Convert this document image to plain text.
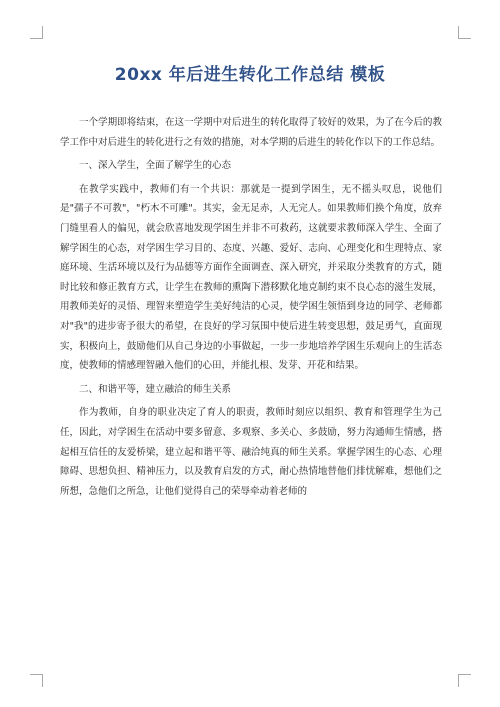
20xx 年后进生转化工作总结 模板

一个学期即将结束，在这一学期中对后进生的转化取得了较好的效果，为了在今后的教学工作中对后进生的转化进行之有效的措施，对本学期的后进生的转化作以下的工作总结。

一、深入学生，全面了解学生的心态

在教学实践中，教师们有一个共识：那就是一提到学困生，无不摇头叹息，说他们是"孺子不可教"，"朽木不可雕"。其实，金无足赤，人无完人。如果教师们换个角度，放弃门缝里看人的偏见，就会欣喜地发现学困生并非不可救药，这就要求教师深入学生、全面了解学困生的心态，对学困生学习目的、态度、兴趣、爱好、志向、心理变化和生理特点、家庭环境、生活环境以及行为品德等方面作全面调查、深入研究，并采取分类教育的方式，随时比较和修正教育方式，让学生在教师的熏陶下潜移默化地克制约束不良心态的滋生发展，用教师美好的灵悟、理智来塑造学生美好纯洁的心灵，使学困生领悟到身边的同学、老师都对"我"的进步寄予很大的希望，在良好的学习氛围中使后进生转变思想，鼓足勇气，直面现实，积极向上，鼓励他们从自己身边的小事做起，一步一步地培养学困生乐观向上的生活态度，使教师的情感理智融入他们的心田，并能扎根、发芽、开花和结果。

二、和谐平等，建立融洽的师生关系

作为教师，自身的职业决定了育人的职责，教师时刻应以组织、教育和管理学生为己任，因此，对学困生在活动中要多留意、多观察、多关心、多鼓励，努力沟通师生情感，搭起相互信任的友爱桥梁，建立起和谐平等、融洽纯真的师生关系。掌握学困生的心态、心理障碍、思想负担、精神压力，以及教育启发的方式，耐心热情地替他们排忧解难，想他们之所想，急他们之所急，让他们觉得自己的荣辱牵动着老师的
